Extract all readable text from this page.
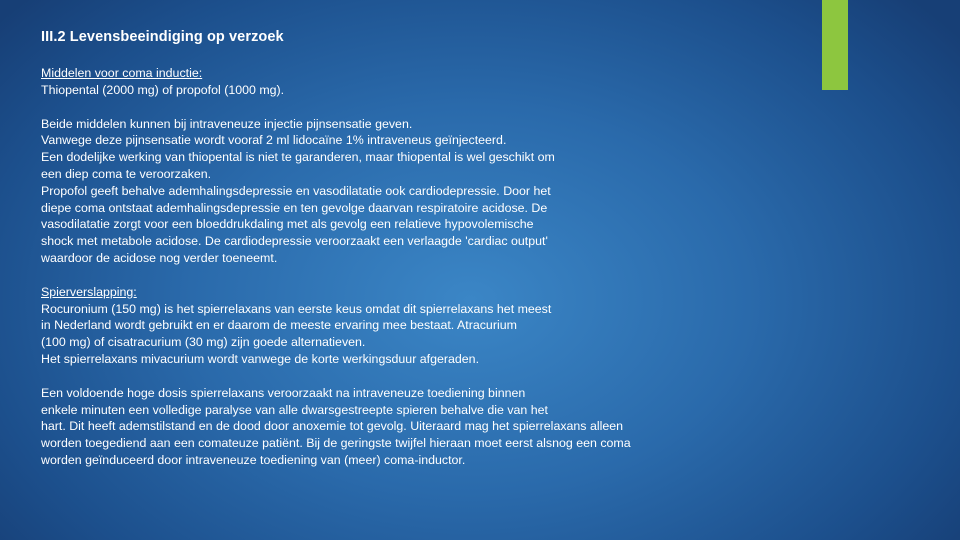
III.2 Levensbeeindiging op verzoek
Middelen voor coma inductie:
Thiopental (2000 mg) of propofol (1000 mg).
Beide middelen kunnen bij intraveneuze injectie pijnsensatie geven.
Vanwege deze pijnsensatie wordt vooraf 2 ml lidocaïne 1% intraveneus geïnjecteerd.
Een dodelijke werking van thiopental is niet te garanderen, maar thiopental is wel geschikt om
een diep coma te veroorzaken.
Propofol geeft behalve ademhalingsdepressie en vasodilatatie ook cardiodepressie. Door het
diepe coma ontstaat ademhalingsdepressie en ten gevolge daarvan respiratoire acidose. De
vasodilatatie zorgt voor een bloeddrukdaling met als gevolg een relatieve hypovolemische
shock met metabole acidose. De cardiodepressie veroorzaakt een verlaagde 'cardiac output'
waardoor de acidose nog verder toeneemt.
Spierverslapping:
Rocuronium (150 mg) is het spierrelaxans van eerste keus omdat dit spierrelaxans het meest
in Nederland wordt gebruikt en er daarom de meeste ervaring mee bestaat. Atracurium
(100 mg) of cisatracurium (30 mg) zijn goede alternatieven.
Het spierrelaxans mivacurium wordt vanwege de korte werkingsduur afgeraden.
Een voldoende hoge dosis spierrelaxans veroorzaakt na intraveneuze toediening binnen
enkele minuten een volledige paralyse van alle dwarsgestreepte spieren behalve die van het
hart. Dit heeft ademstilstand en de dood door anoxemie tot gevolg. Uiteraard mag het spierrelaxans alleen
worden toegediend aan een comateuze patiënt. Bij de geringste twijfel hieraan moet eerst alsnog een coma
worden geïnduceerd door intraveneuze toediening van (meer) coma-inductor.
